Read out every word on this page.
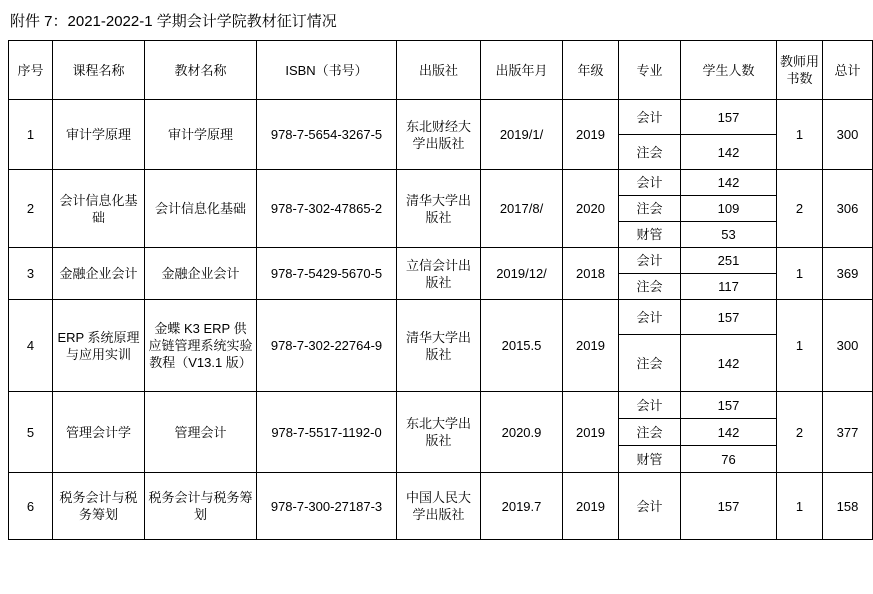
附件 7：2021-2022-1 学期会计学院教材征订情况
序号	课程名称	教材名称	ISBN（书号）	出版社	出版年月	年级	专业	学生人数	教师用书数	总计
1	审计学原理	审计学原理	978-7-5654-3267-5	东北财经大学出版社	2019/1/	2019	会计	157	1	300
							注会	142		
2	会计信息化基础	会计信息化基础	978-7-302-47865-2	清华大学出版社	2017/8/	2020	会计	142	2	306
							注会	109		
							财管	53		
3	金融企业会计	金融企业会计	978-7-5429-5670-5	立信会计出版社	2019/12/	2018	会计	251	1	369
							注会	117		
4	ERP 系统原理与应用实训	金蝶 K3 ERP 供应链管理系统实验教程（V13.1 版）	978-7-302-22764-9	清华大学出版社	2015.5	2019	会计	157	1	300
							注会	142		
5	管理会计学	管理会计	978-7-5517-1192-0	东北大学出版社	2020.9	2019	会计	157	2	377
							注会	142		
							财管	76		
6	税务会计与税务筹划	税务会计与税务筹划	978-7-300-27187-3	中国人民大学出版社	2019.7	2019	会计	157	1	158
